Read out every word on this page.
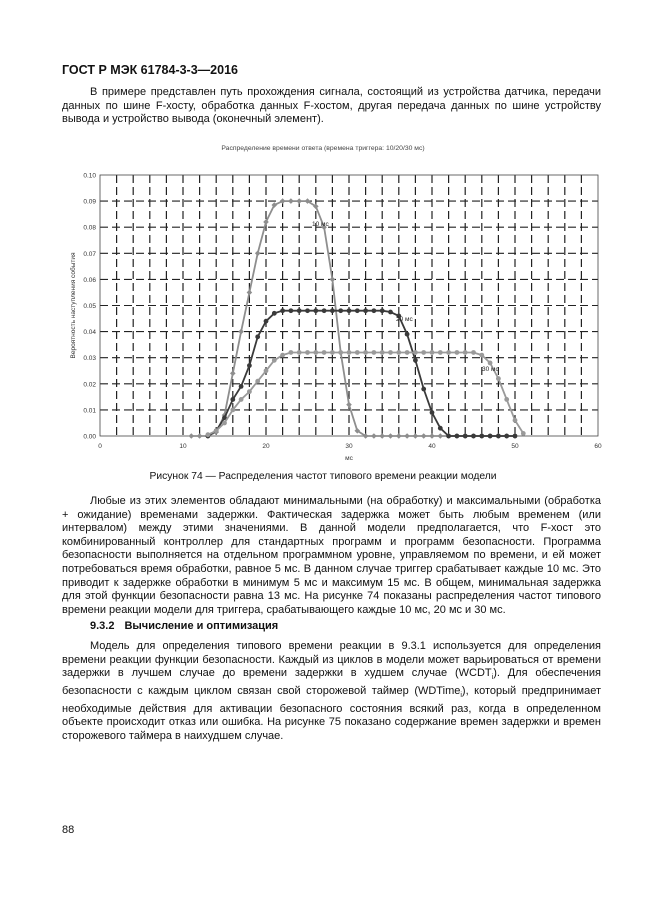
ГОСТ Р МЭК 61784-3-3—2016

В примере представлен путь прохождения сигнала, состоящий из устройства датчика, передачи данных по шине F-хосту, обработка данных F-хостом, другая передача данных по шине устройству вывода и устройство вывода (оконечный элемент).

Распределение времени ответа (времена триггера: 10/20/30 мс)
0.00
0.01
0.02
0.03
0.04
0.05
0.06
0.07
0.08
0.09
0.10
0	10	20	30	40	50	60
мс
Вероятность наступления события
10 мс
20 мс
30 мс
Рисунок 74 — Распределения частот типового времени реакции модели

Любые из этих элементов обладают минимальными (на обработку) и максимальными (обработка + ожидание) временами задержки. Фактическая задержка может быть любым временем (или интервалом) между этими значениями. В данной модели предполагается, что F-хост это комбинированный контроллер для стандартных программ и программ безопасности. Программа безопасности выполняется на отдельном программном уровне, управляемом по времени, и ей может потребоваться время обработки, равное 5 мс. В данном случае триггер срабатывает каждые 10 мс. Это приводит к задержке обработки в минимум 5 мс и максимум 15 мс. В общем, минимальная задержка для этой функции безопасности равна 13 мс. На рисунке 74 показаны распределения частот типового времени реакции модели для триггера, срабатывающего каждые 10 мс, 20 мс и 30 мс.

9.3.2 Вычисление и оптимизация

Модель для определения типового времени реакции в 9.3.1 используется для определения времени реакции функции безопасности. Каждый из циклов в модели может варьироваться от времени задержки в лучшем случае до времени задержки в худшем случае $(WCDT_i)$. Для обеспечения безопасности с каждым циклом связан свой сторожевой таймер (WDTime$_i$), который предпринимает необходимые действия для активации безопасного состояния всякий раз, когда в определенном объекте происходит отказ или ошибка. На рисунке 75 показано содержание времен задержки и времен сторожевого таймера в наихудшем случае.

88
